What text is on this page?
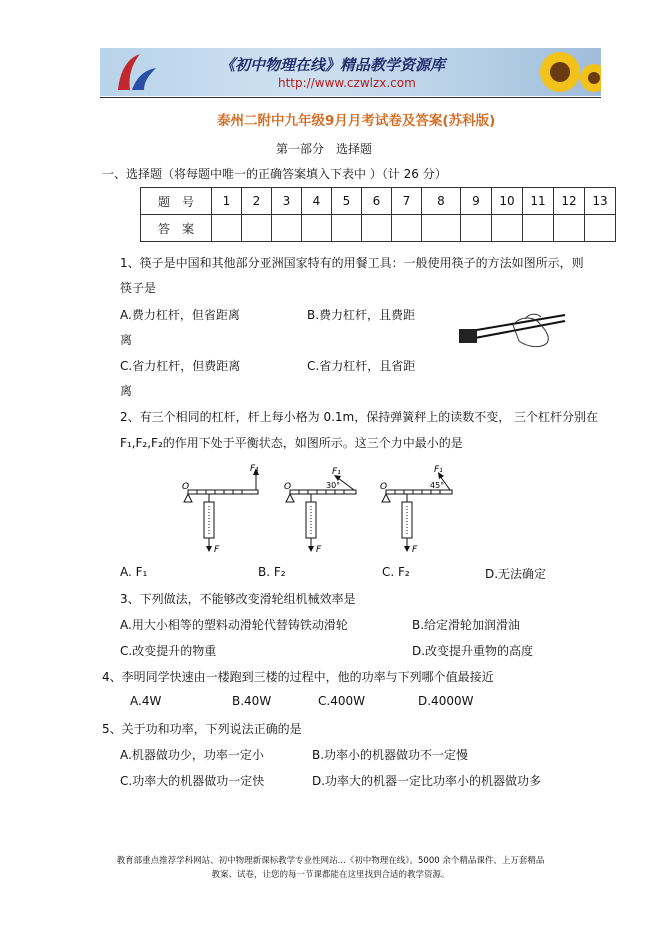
《初中物理在线》精品教学资源库
http://www.czwlzx.com
泰州二附中九年级9月月考试卷及答案(苏科版)
第一部分　选择题
一、选择题（将每题中唯一的正确答案填入下表中 ）（计 26 分）
题　号	1	2	3	4	5	6	7	8	9	10	11	12	13
答　案													
1、筷子是中国和其他部分亚洲国家特有的用餐工具：一般使用筷子的方法如图所示，则
筷子是
A.费力杠杆，但省距离	B.费力杠杆，且费距
离
C.省力杠杆，但费距离	C.省力杠杆，且省距
离
2、有三个相同的杠杆，杆上每小格为 0.1m，保持弹簧秤上的读数不变， 三个杠杆分别在
F₁,F₂,F₂的作用下处于平衡状态，如图所示。这三个力中最小的是
O
F₁
F
O	30°
F₁
F
O	45°
F₁
F
A. F₁	B. F₂	C. F₂	D.无法确定
3、下列做法，不能够改变滑轮组机械效率是
A.用大小相等的塑料动滑轮代替铸铁动滑轮	B.给定滑轮加润滑油
C.改变提升的物重	D.改变提升重物的高度
4、李明同学快速由一楼跑到三楼的过程中，他的功率与下列哪个值最接近
A.4W	B.40W	C.400W	D.4000W
5、关于功和功率，下列说法正确的是
A.机器做功少，功率一定小	B.功率小的机器做功不一定慢
C.功率大的机器做功一定快	D.功率大的机器一定比功率小的机器做功多
教育部重点推荐学科网站、初中物理新课标教学专业性网站...《初中物理在线》。5000 余个精品课件、上万套精品
教案、试卷，让您的每一节课都能在这里找到合适的教学资源。
